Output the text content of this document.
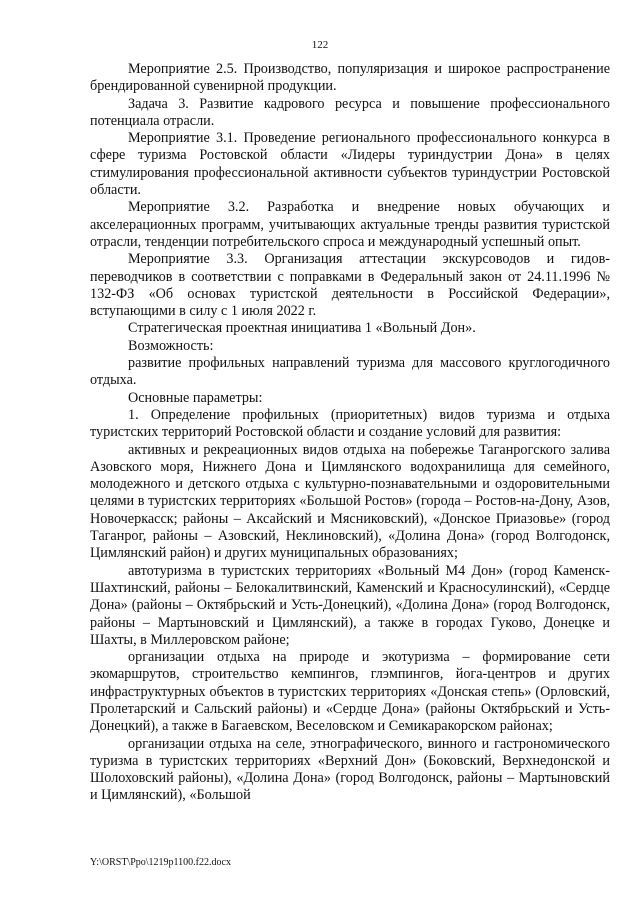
122

Мероприятие 2.5. Производство, популяризация и широкое распространение брендированной сувенирной продукции.

Задача 3. Развитие кадрового ресурса и повышение профессионального потенциала отрасли.

Мероприятие 3.1. Проведение регионального профессионального конкурса в сфере туризма Ростовской области «Лидеры туриндустрии Дона» в целях стимулирования профессиональной активности субъектов туриндустрии Ростовской области.

Мероприятие 3.2. Разработка и внедрение новых обучающих и акселерационных программ, учитывающих актуальные тренды развития туристской отрасли, тенденции потребительского спроса и международный успешный опыт.

Мероприятие 3.3. Организация аттестации экскурсоводов и гидов-переводчиков в соответствии с поправками в Федеральный закон от 24.11.1996 № 132-ФЗ «Об основах туристской деятельности в Российской Федерации», вступающими в силу с 1 июля 2022 г.

Стратегическая проектная инициатива 1 «Вольный Дон».

Возможность:

развитие профильных направлений туризма для массового круглогодичного отдыха.

Основные параметры:

1. Определение профильных (приоритетных) видов туризма и отдыха туристских территорий Ростовской области и создание условий для развития:

активных и рекреационных видов отдыха на побережье Таганрогского залива Азовского моря, Нижнего Дона и Цимлянского водохранилища для семейного, молодежного и детского отдыха с культурно-познавательными и оздоровительными целями в туристских территориях «Большой Ростов» (города – Ростов-на-Дону, Азов, Новочеркасск; районы – Аксайский и Мясниковский), «Донское Приазовье» (город Таганрог, районы – Азовский, Неклиновский), «Долина Дона» (город Волгодонск, Цимлянский район) и других муниципальных образованиях;

автотуризма в туристских территориях «Вольный М4 Дон» (город Каменск-Шахтинский, районы – Белокалитвинский, Каменский и Красносулинский), «Сердце Дона» (районы – Октябрьский и Усть-Донецкий), «Долина Дона» (город Волгодонск, районы – Мартыновский и Цимлянский), а также в городах Гуково, Донецке и Шахты, в Миллеровском районе;

организации отдыха на природе и экотуризма – формирование сети экомаршрутов, строительство кемпингов, глэмпингов, йога-центров и других инфраструктурных объектов в туристских территориях «Донская степь» (Орловский, Пролетарский и Сальский районы) и «Сердце Дона» (районы Октябрьский и Усть-Донецкий), а также в Багаевском, Веселовском и Семикаракорском районах;

организации отдыха на селе, этнографического, винного и гастрономического туризма в туристских территориях «Верхний Дон» (Боковский, Верхнедонской и Шолоховский районы), «Долина Дона» (город Волгодонск, районы – Мартыновский и Цимлянский), «Большой

Y:\ORST\Ppo\1219p1100.f22.docx
